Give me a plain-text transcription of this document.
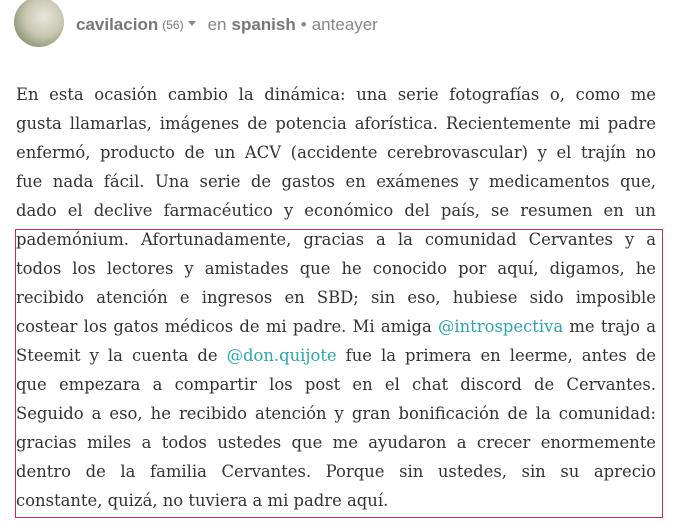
cavilacion (56) en spanish • anteayer
En esta ocasión cambio la dinámica: una serie fotografías o, como me
gusta llamarlas, imágenes de potencia aforística. Recientemente mi padre
enfermó, producto de un ACV (accidente cerebrovascular) y el trajín no
fue nada fácil. Una serie de gastos en exámenes y medicamentos que,
dado el declive farmacéutico y económico del país, se resumen en un
pademónium. Afortunadamente, gracias a la comunidad Cervantes y a
todos los lectores y amistades que he conocido por aquí, digamos, he
recibido atención e ingresos en SBD; sin eso, hubiese sido imposible
costear los gatos médicos de mi padre. Mi amiga @introspectiva me trajo a
Steemit y la cuenta de @don.quijote fue la primera en leerme, antes de
que empezara a compartir los post en el chat discord de Cervantes.
Seguido a eso, he recibido atención y gran bonificación de la comunidad:
gracias miles a todos ustedes que me ayudaron a crecer enormemente
dentro de la familia Cervantes. Porque sin ustedes, sin su aprecio
constante, quizá, no tuviera a mi padre aquí.
